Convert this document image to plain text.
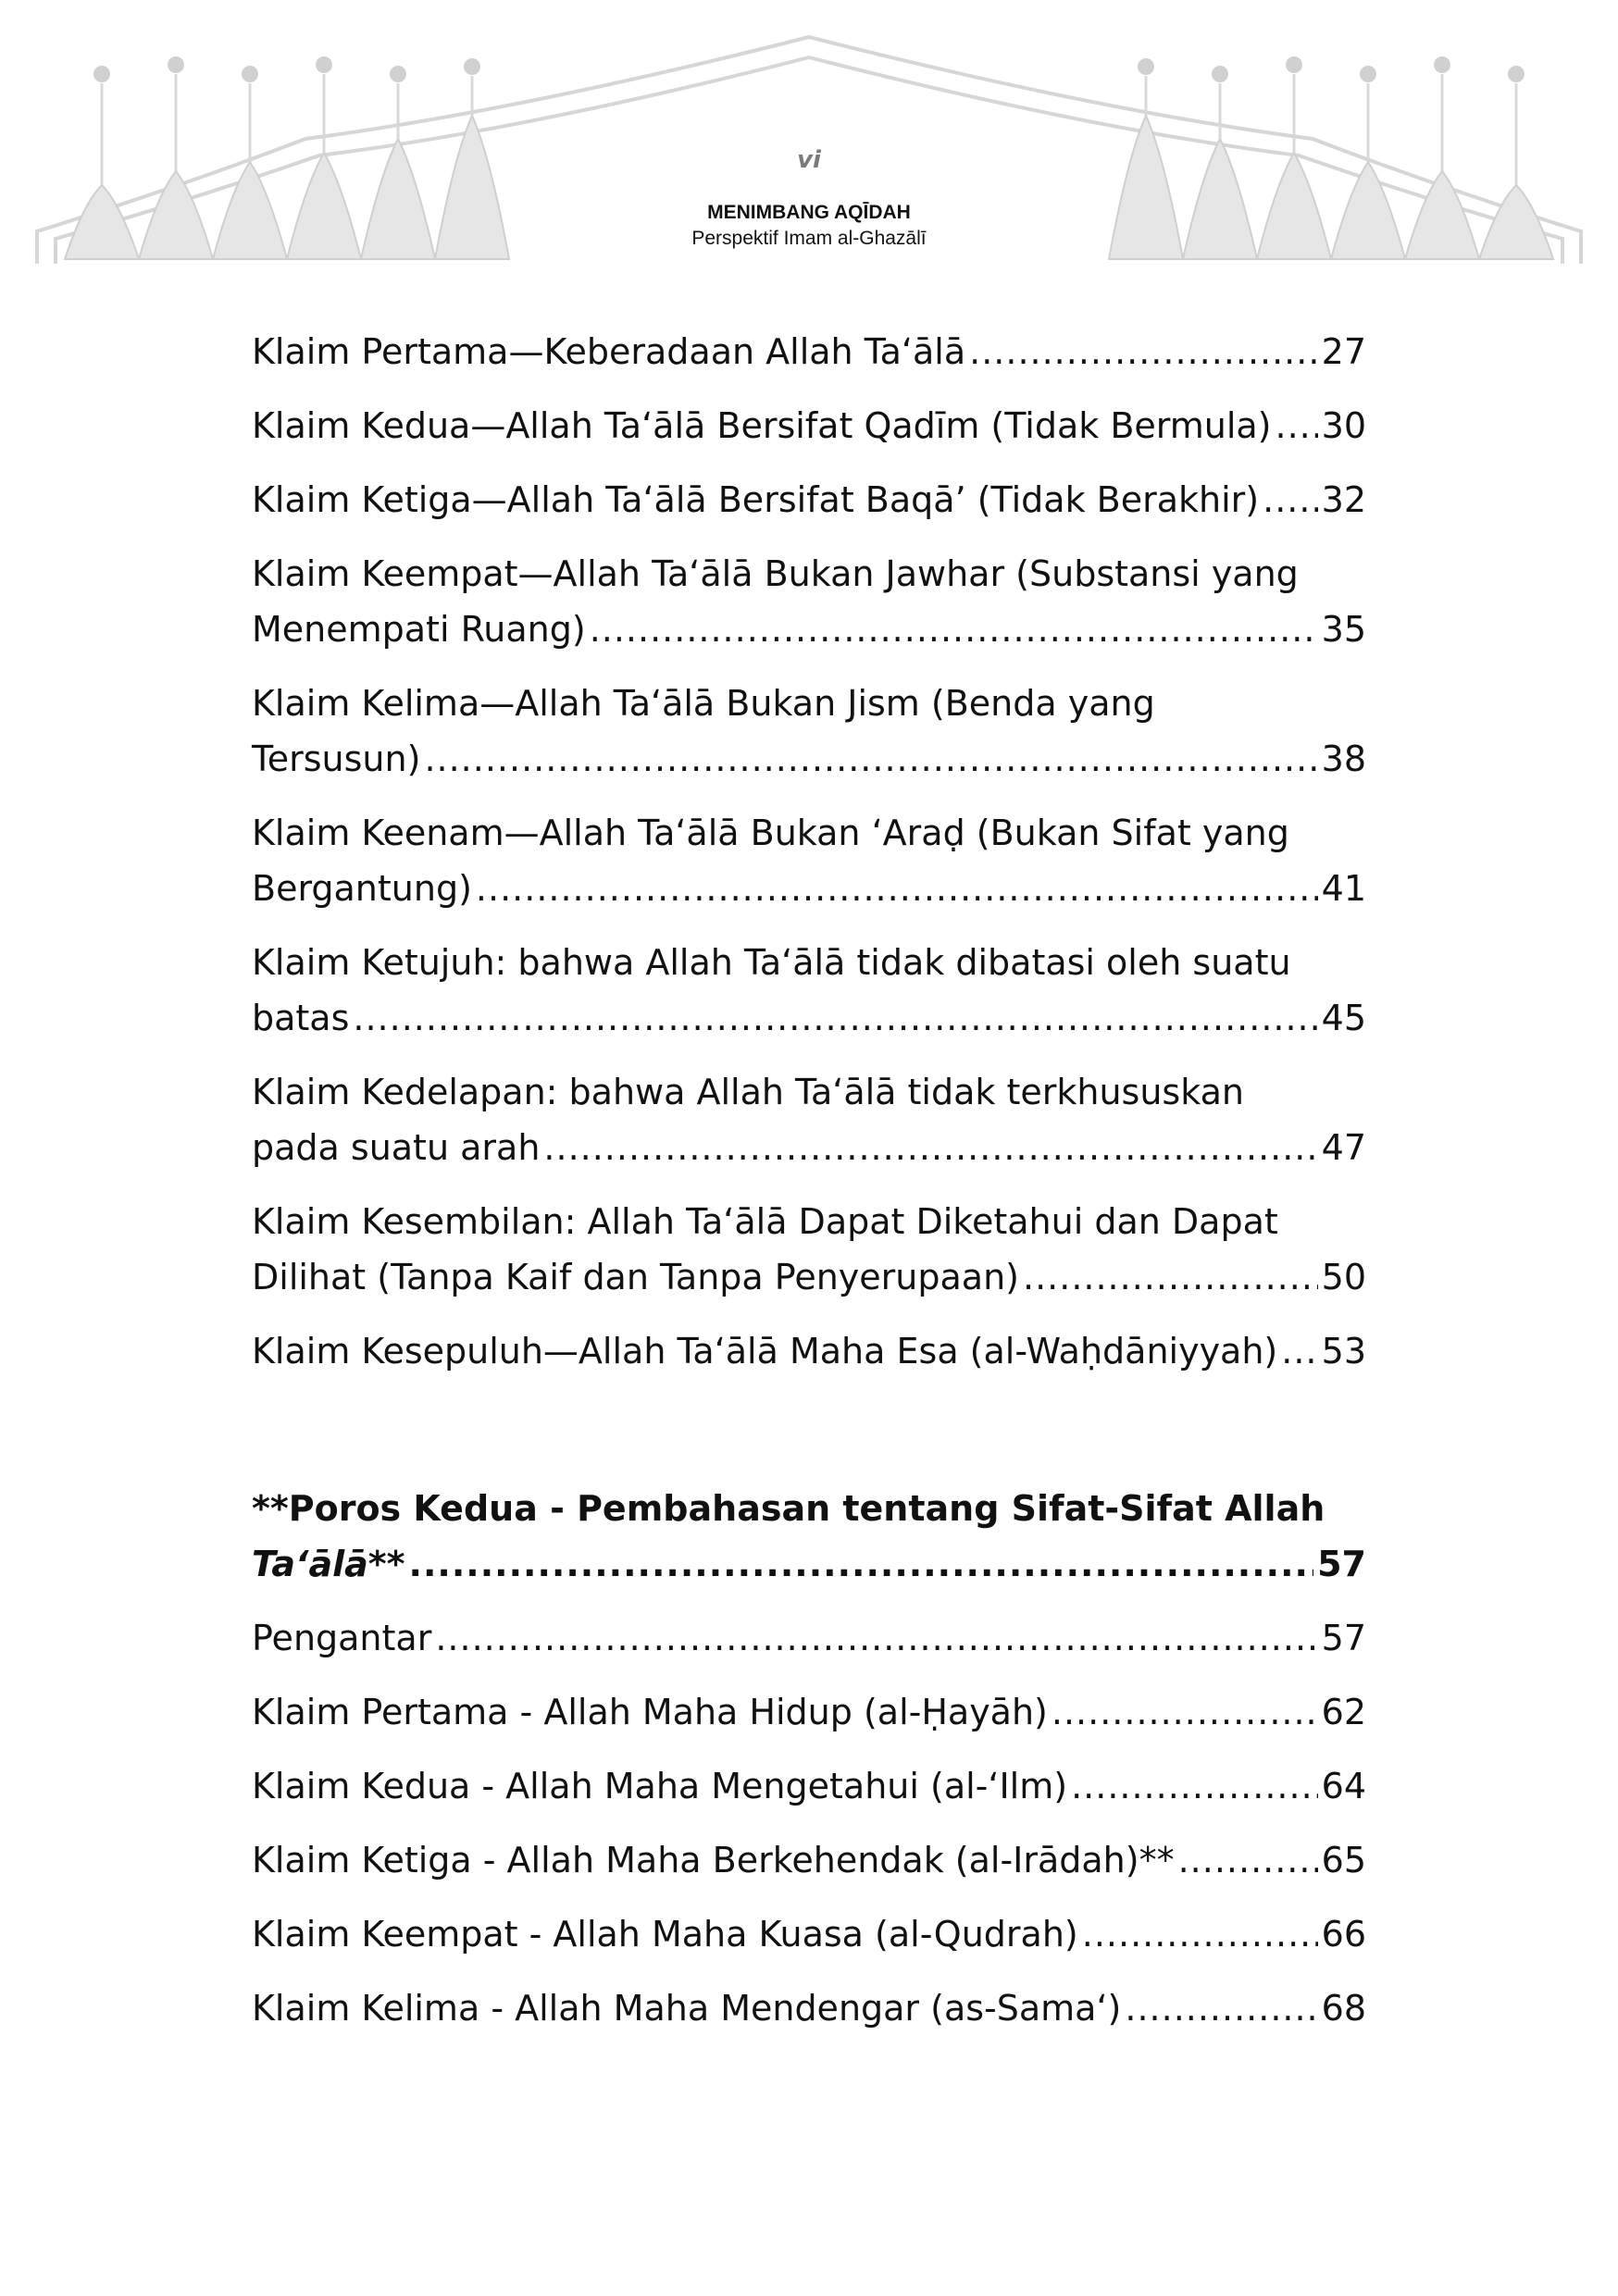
vi
MENIMBANG AQĪDAH
Perspektif Imam al-Ghazālī
Klaim Pertama—Keberadaan Allah Taʻālā .....	27
Klaim Kedua—Allah Taʻālā Bersifat Qadīm (Tidak Bermula) ..... 30
Klaim Ketiga—Allah Taʻālā Bersifat Baqā’ (Tidak Berakhir) ..... 32
Klaim Keempat—Allah Taʻālā Bukan Jawhar (Substansi yang
Menempati Ruang) .....	35
Klaim Kelima—Allah Taʻālā Bukan Jism (Benda yang
Tersusun) .....	38
Klaim Keenam—Allah Taʻālā Bukan ‘Araḍ (Bukan Sifat yang
Bergantung) .....	41
Klaim Ketujuh: bahwa Allah Taʻālā tidak dibatasi oleh suatu
batas .....	45
Klaim Kedelapan: bahwa Allah Taʻālā tidak terkhususkan
pada suatu arah .....	47
Klaim Kesembilan: Allah Taʻālā Dapat Diketahui dan Dapat
Dilihat (Tanpa Kaif dan Tanpa Penyerupaan) .....	50
Klaim Kesepuluh—Allah Taʻālā Maha Esa (al-Waḥdāniyyah) ..... 53
**Poros Kedua - Pembahasan tentang Sifat-Sifat Allah
Taʻālā** .....	57
Pengantar .....	57
Klaim Pertama - Allah Maha Hidup (al-Ḥayāh) .....	62
Klaim Kedua - Allah Maha Mengetahui (al-‘Ilm) .....	64
Klaim Ketiga - Allah Maha Berkehendak (al-Irādah)** .....	65
Klaim Keempat - Allah Maha Kuasa (al-Qudrah) .....	66
Klaim Kelima - Allah Maha Mendengar (as-Sama‘) .....	68
